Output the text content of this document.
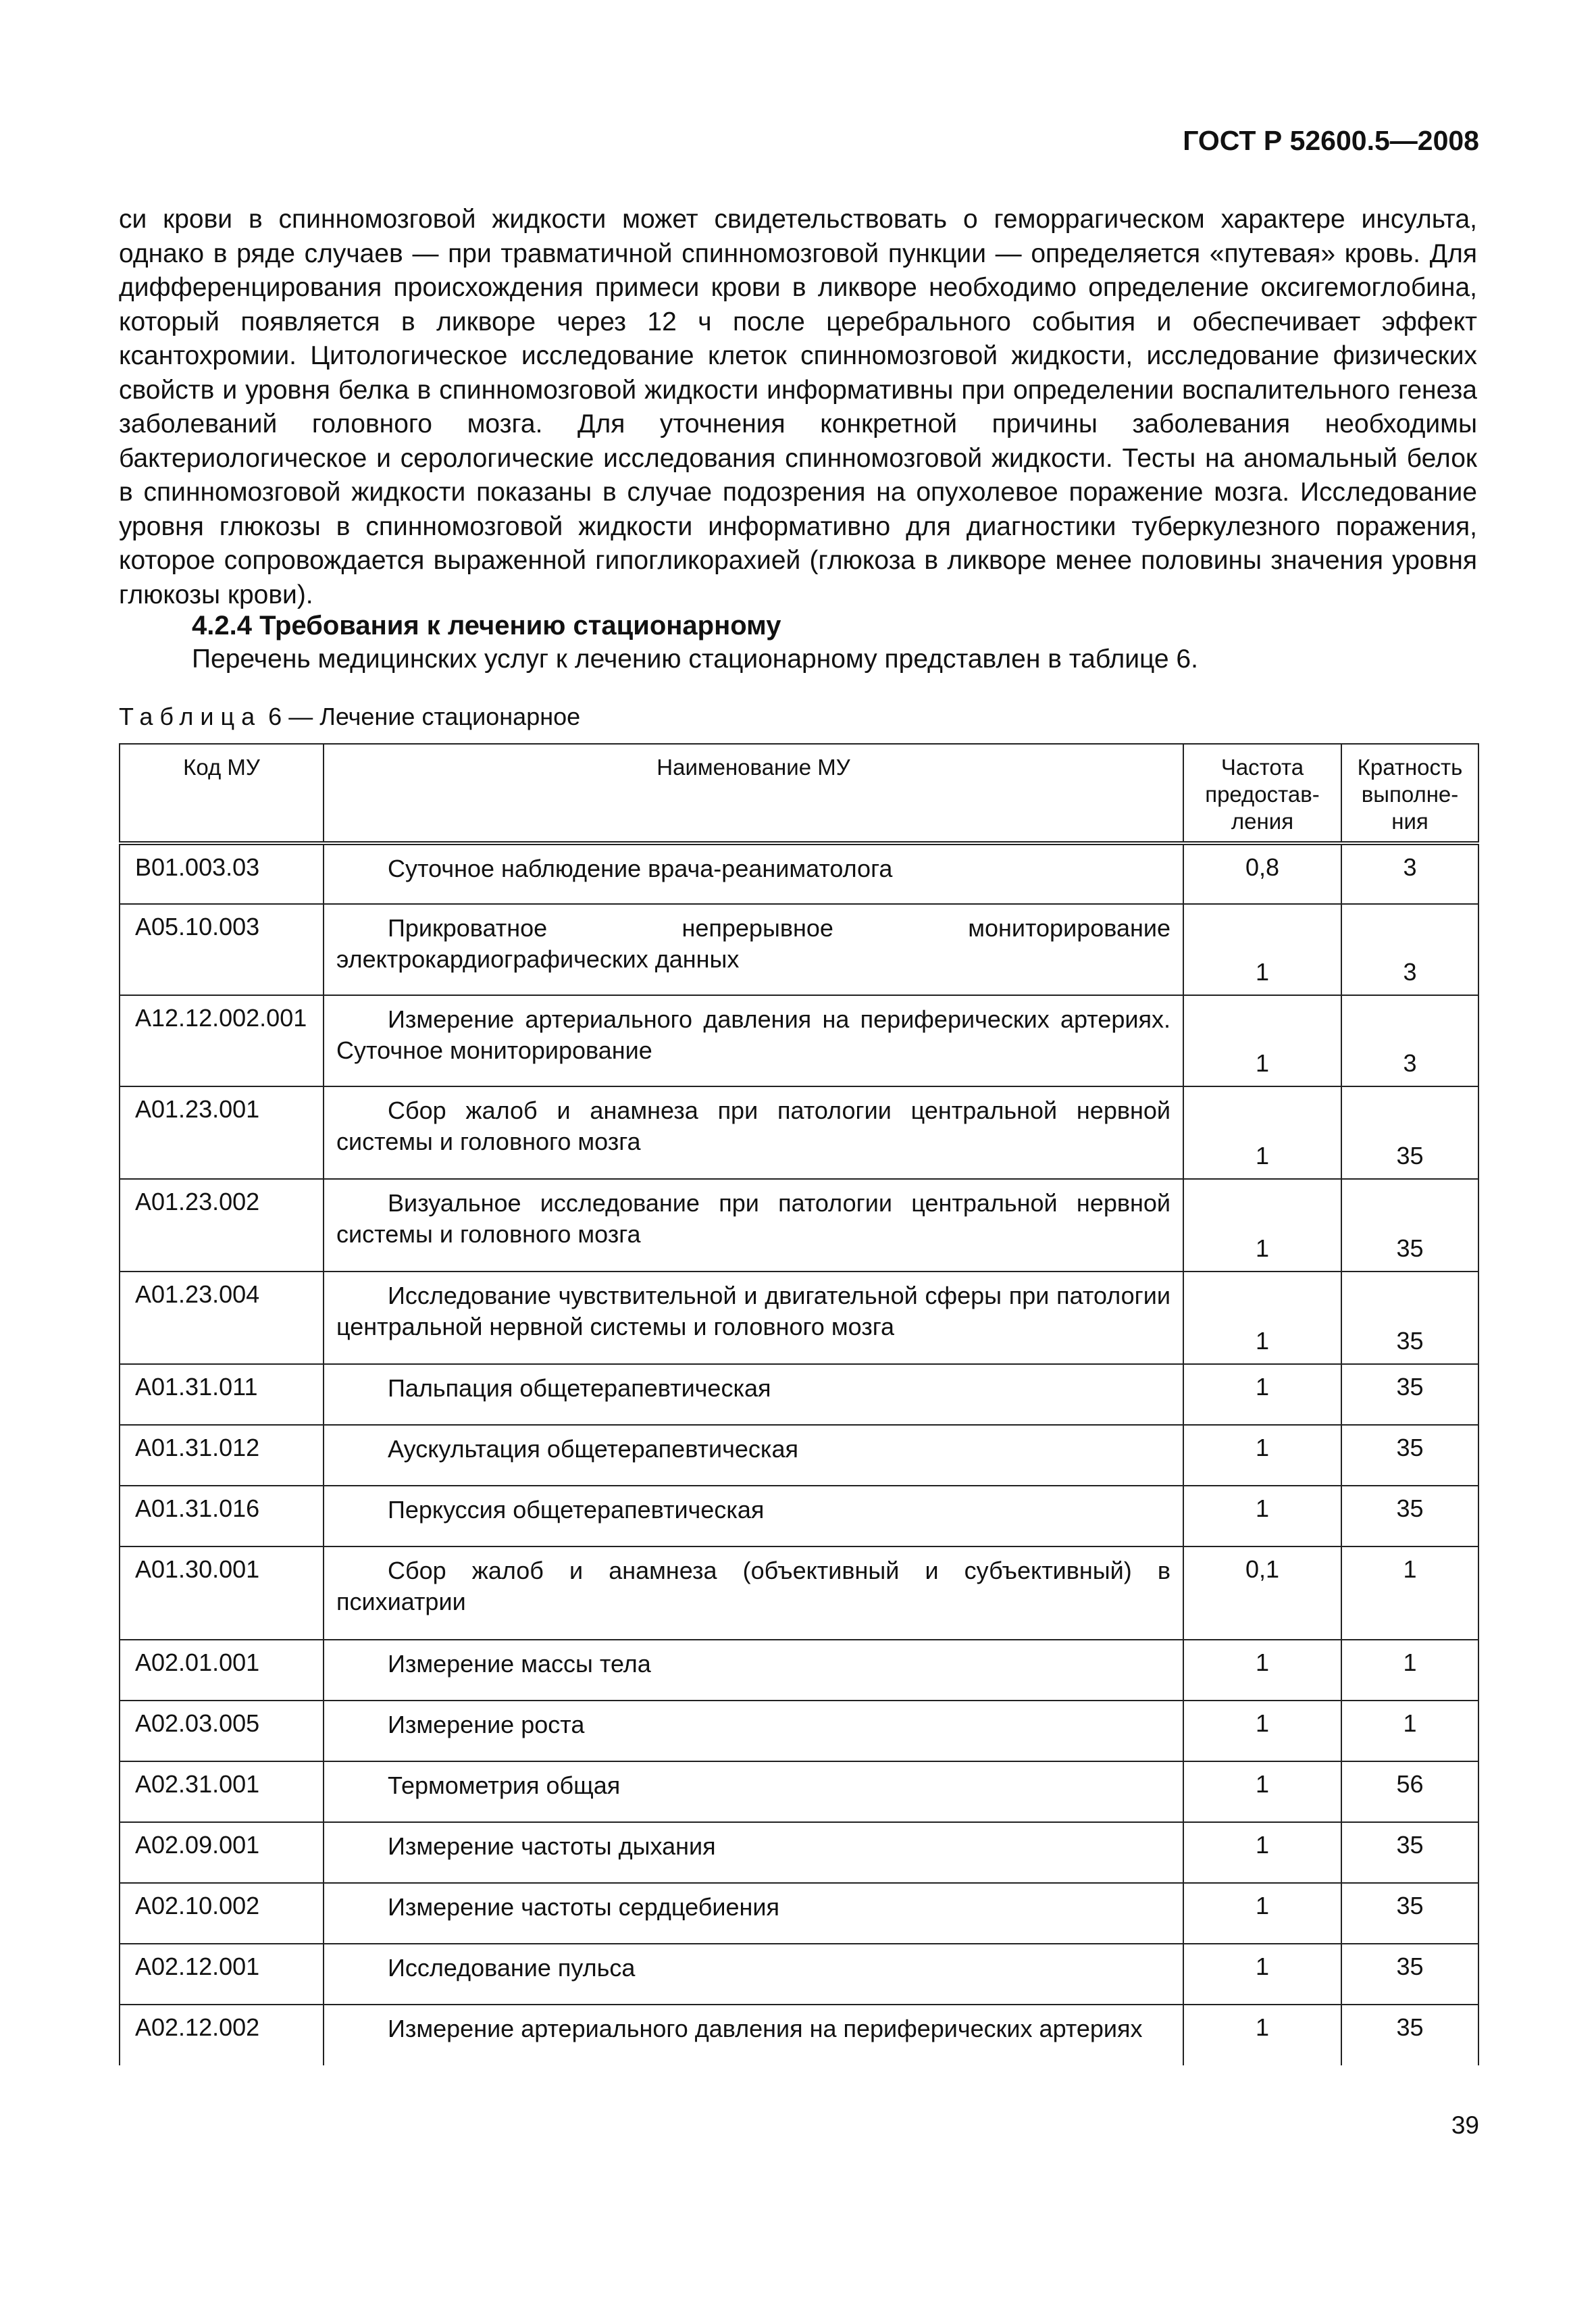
ГОСТ Р 52600.5—2008

си крови в спинномозговой жидкости может свидетельствовать о геморрагическом характере инсульта, однако в ряде случаев — при травматичной спинномозговой пункции — определяется «путевая» кровь. Для дифференцирования происхождения примеси крови в ликворе необходимо определение оксигемоглобина, который появляется в ликворе через 12 ч после церебрального события и обеспечивает эффект ксантохромии. Цитологическое исследование клеток спинномозговой жидкости, исследование физических свойств и уровня белка в спинномозговой жидкости информативны при определении воспалительного генеза заболеваний головного мозга. Для уточнения конкретной причины заболевания необходимы бактериологическое и серологические исследования спинномозговой жидкости. Тесты на аномальный белок в спинномозговой жидкости показаны в случае подозрения на опухолевое поражение мозга. Исследование уровня глюкозы в спинномозговой жидкости информативно для диагностики туберкулезного поражения, которое сопровождается выраженной гипогликорахией (глюкоза в ликворе менее половины значения уровня глюкозы крови).

4.2.4 Требования к лечению стационарному
Перечень медицинских услуг к лечению стационарному представлен в таблице 6.
Таблица 6 — Лечение стационарное
Код МУ	Наименование МУ	Частота предостав-ления	Кратность выполне-ния
В01.003.03	Суточное наблюдение врача-реаниматолога	0,8	3
А05.10.003	Прикроватное непрерывное мониторирование электрокардиографических данных	1	3
А12.12.002.001	Измерение артериального давления на периферических артериях. Суточное мониторирование	1	3
А01.23.001	Сбор жалоб и анамнеза при патологии центральной нервной системы и головного мозга	1	35
А01.23.002	Визуальное исследование при патологии центральной нервной системы и головного мозга	1	35
А01.23.004	Исследование чувствительной и двигательной сферы при патологии центральной нервной системы и головного мозга	1	35
А01.31.011	Пальпация общетерапевтическая	1	35
А01.31.012	Аускультация общетерапевтическая	1	35
А01.31.016	Перкуссия общетерапевтическая	1	35
А01.30.001	Сбор жалоб и анамнеза (объективный и субъективный) в психиатрии	0,1	1
А02.01.001	Измерение массы тела	1	1
А02.03.005	Измерение роста	1	1
А02.31.001	Термометрия общая	1	56
А02.09.001	Измерение частоты дыхания	1	35
А02.10.002	Измерение частоты сердцебиения	1	35
А02.12.001	Исследование пульса	1	35
А02.12.002	Измерение артериального давления на периферических артериях	1	35
39
